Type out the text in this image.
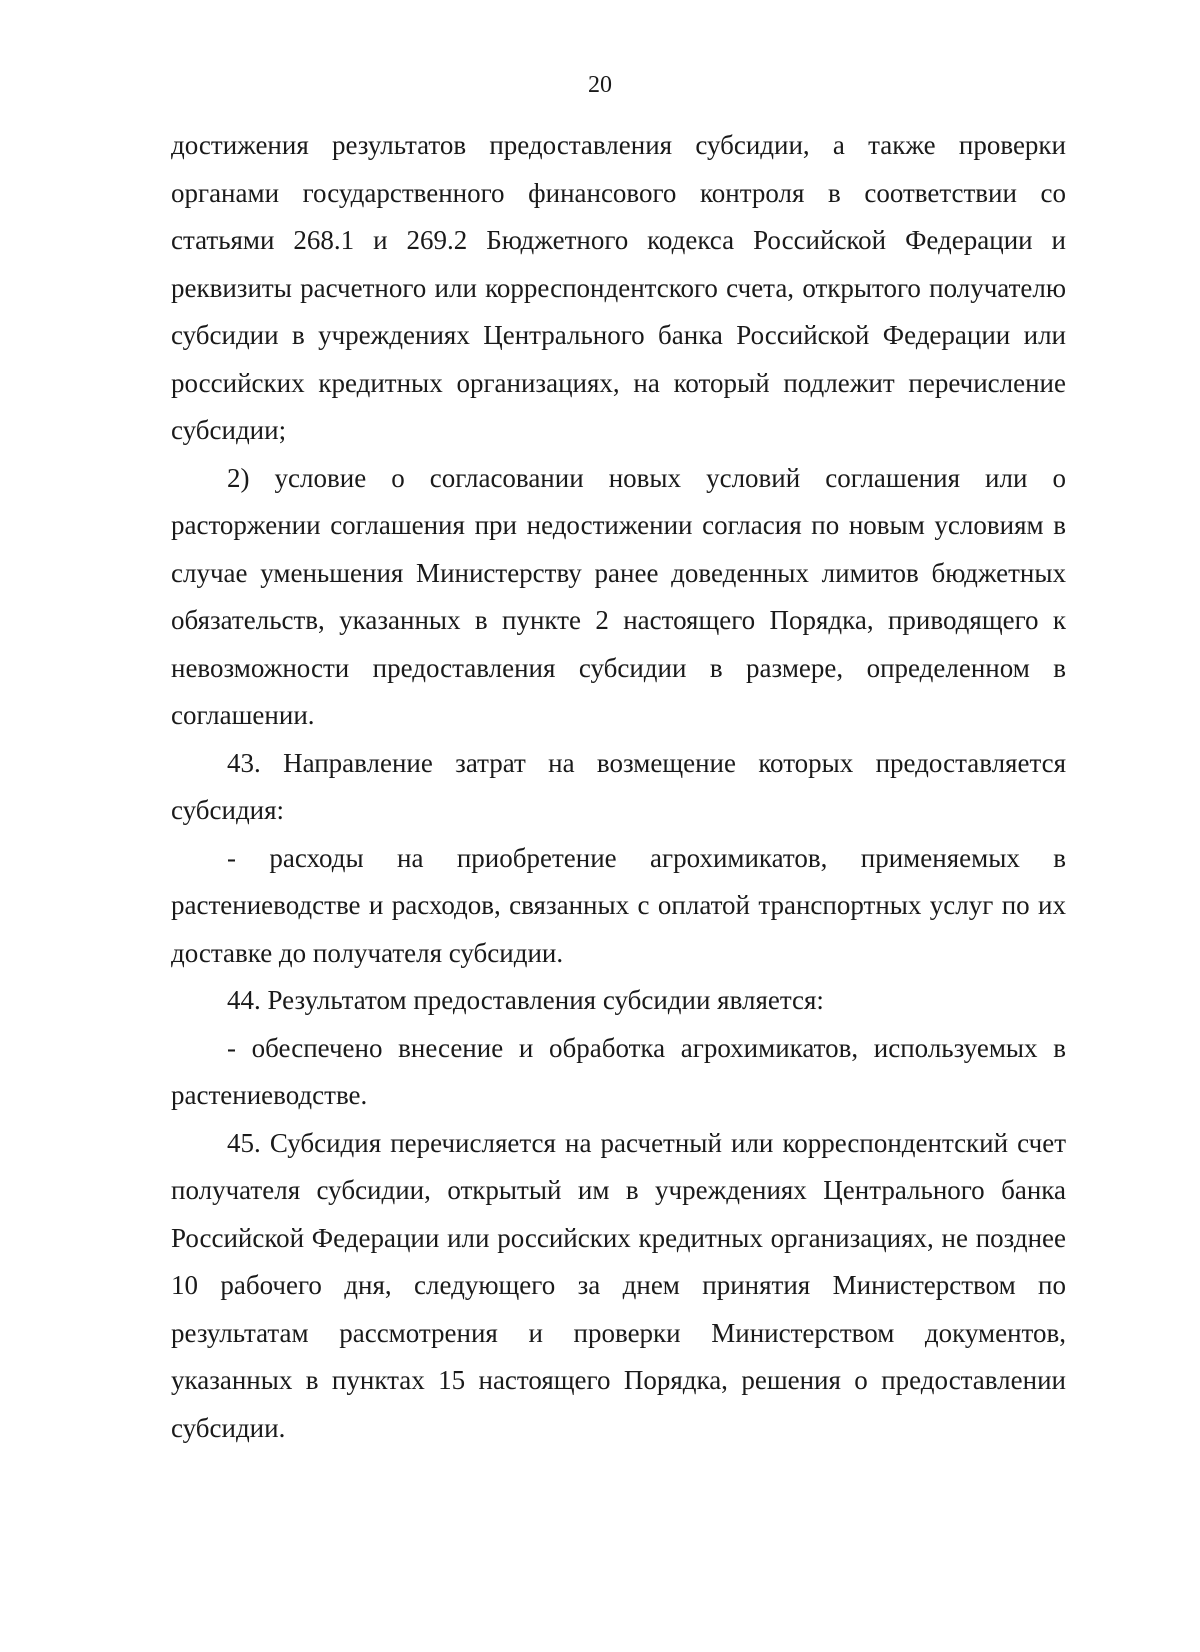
20

достижения результатов предоставления субсидии, а также проверки органами государственного финансового контроля в соответствии со статьями 268.1 и 269.2 Бюджетного кодекса Российской Федерации и реквизиты расчетного или корреспондентского счета, открытого получателю субсидии в учреждениях Центрального банка Российской Федерации или российских кредитных организациях, на который подлежит перечисление субсидии;

2) условие о согласовании новых условий соглашения или о расторжении соглашения при недостижении согласия по новым условиям в случае уменьшения Министерству ранее доведенных лимитов бюджетных обязательств, указанных в пункте 2 настоящего Порядка, приводящего к невозможности предоставления субсидии в размере, определенном в соглашении.

43. Направление затрат на возмещение которых предоставляется субсидия:

- расходы на приобретение агрохимикатов, применяемых в растениеводстве и расходов, связанных с оплатой транспортных услуг по их доставке до получателя субсидии.

44. Результатом предоставления субсидии является:

- обеспечено внесение и обработка агрохимикатов, используемых в растениеводстве.

45. Субсидия перечисляется на расчетный или корреспондентский счет получателя субсидии, открытый им в учреждениях Центрального банка Российской Федерации или российских кредитных организациях, не позднее 10 рабочего дня, следующего за днем принятия Министерством по результатам рассмотрения и проверки Министерством документов, указанных в пунктах 15 настоящего Порядка, решения о предоставлении субсидии.
